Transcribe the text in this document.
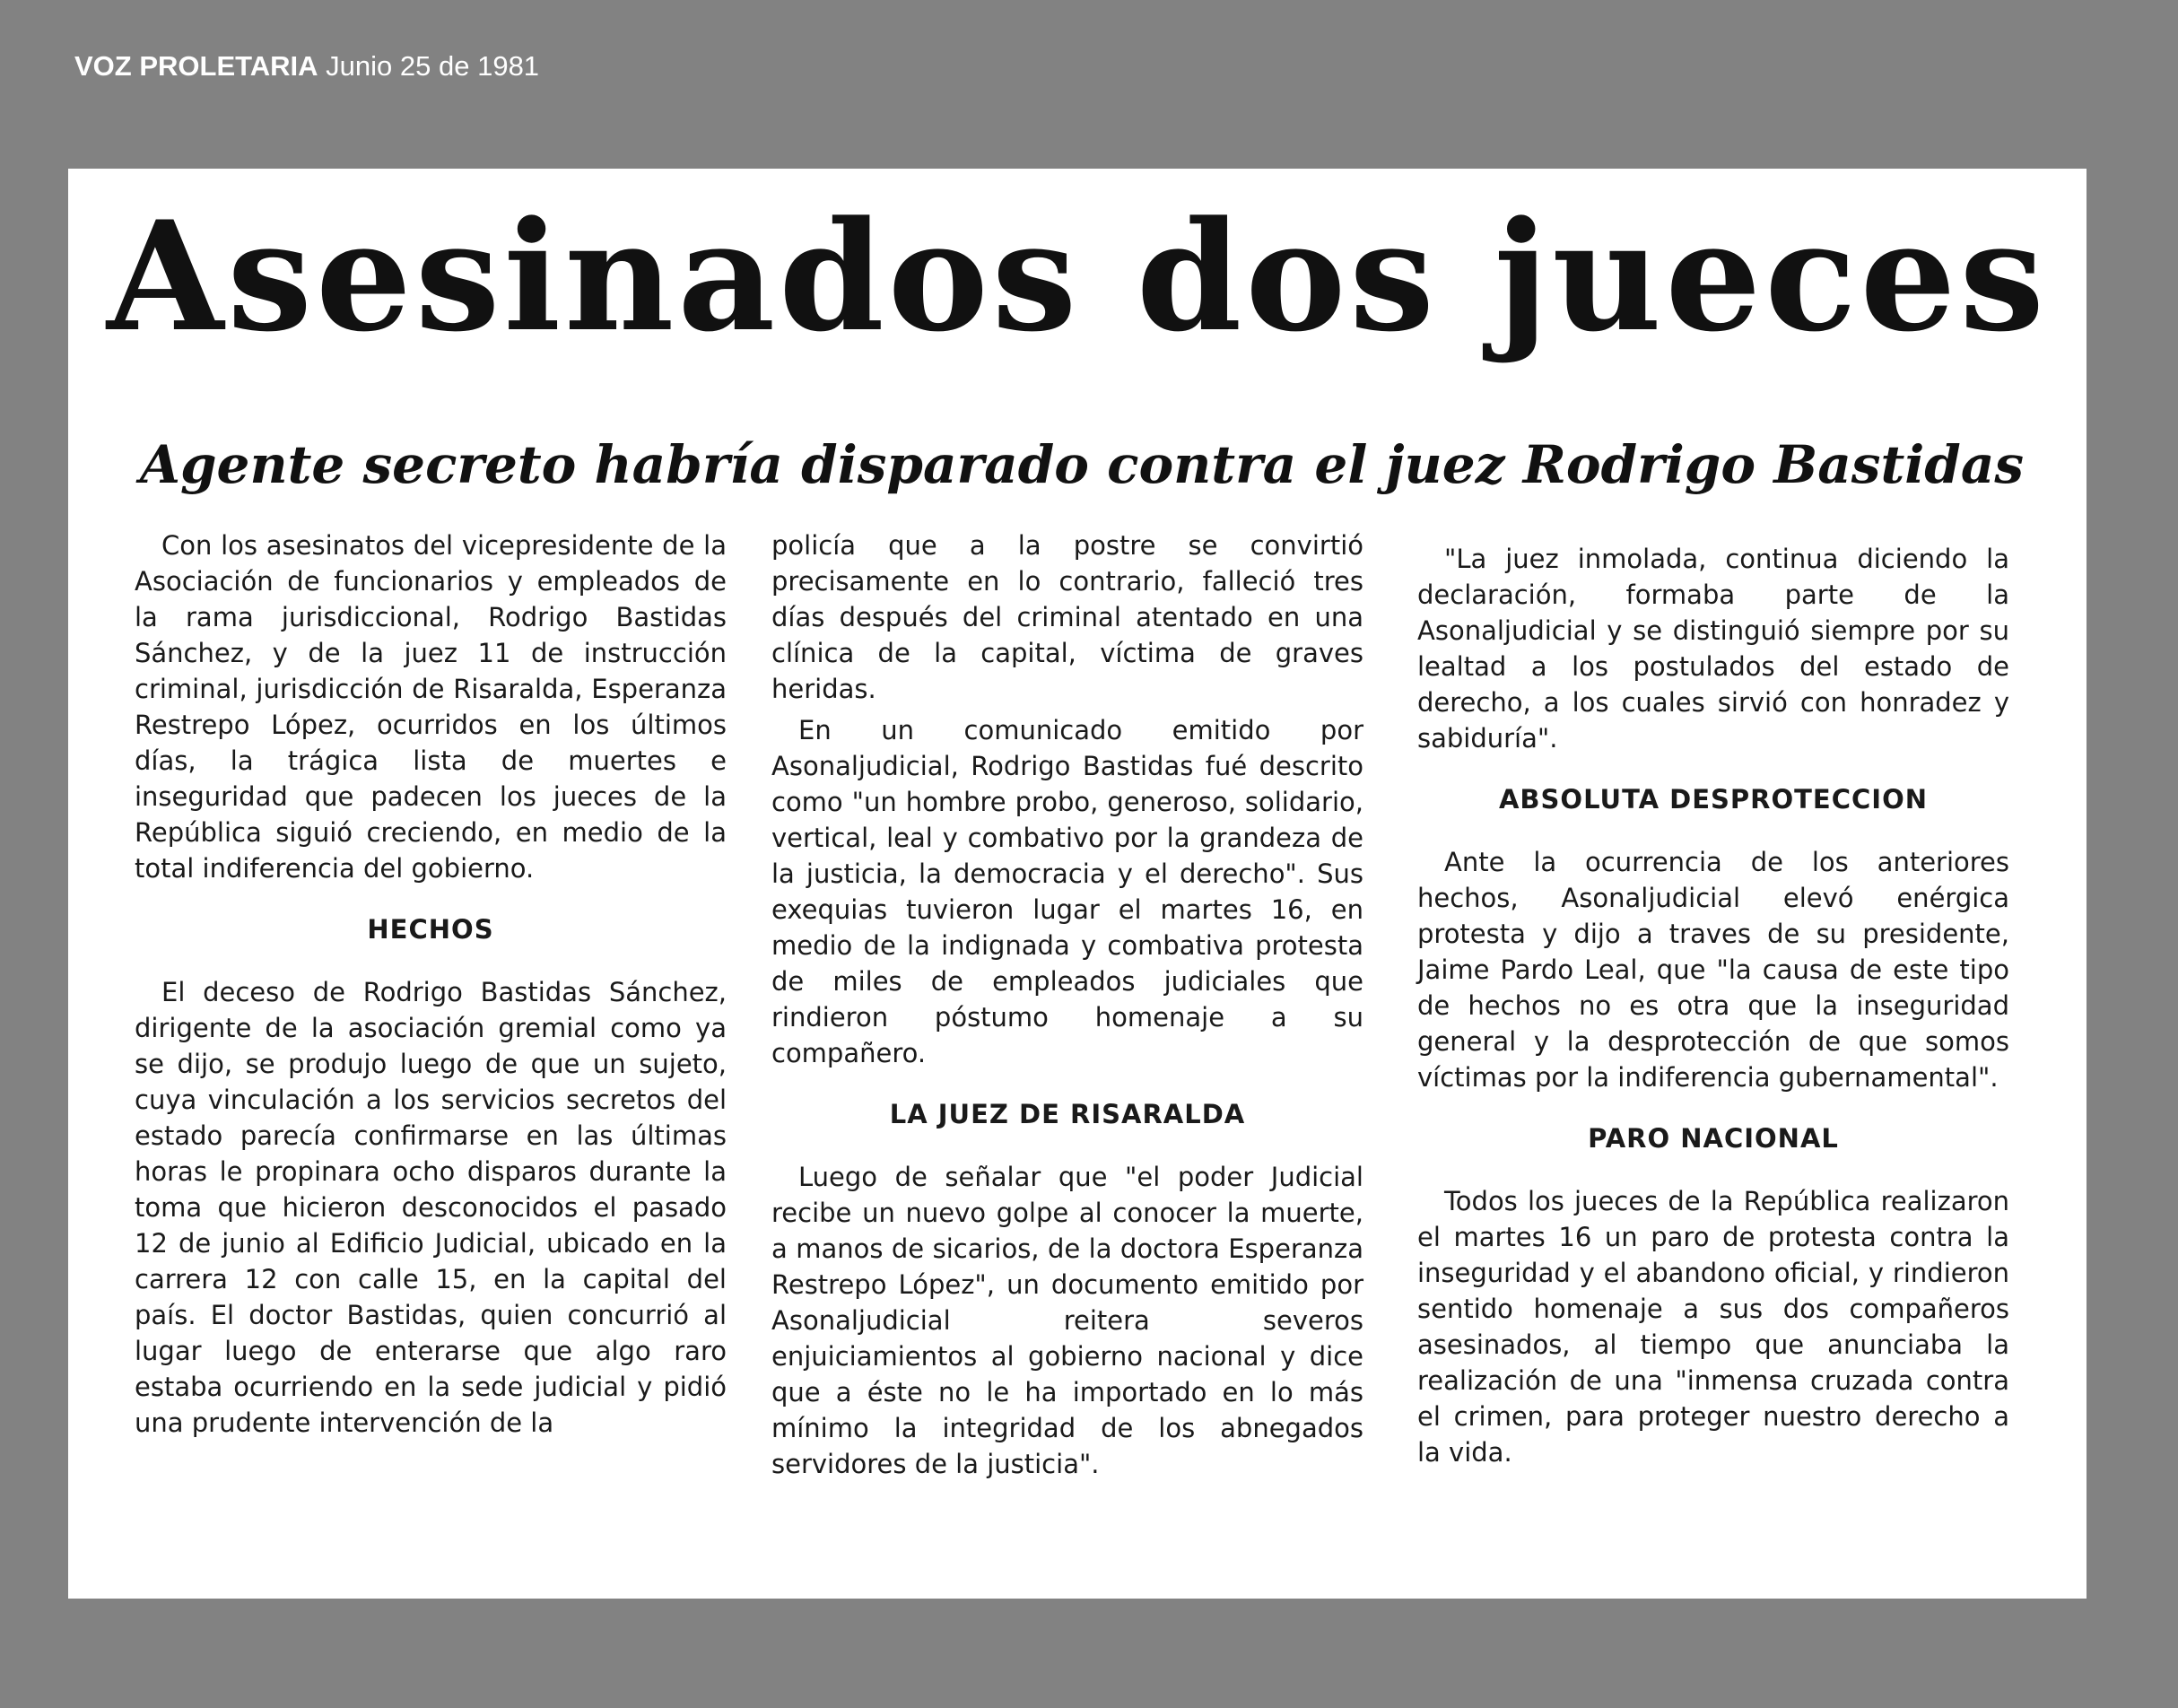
VOZ PROLETARIA Junio 25 de 1981
Asesinados dos jueces
Agente secreto habría disparado contra el juez Rodrigo Bastidas

Con los asesinatos del vicepresidente de la Asociación de funcionarios y empleados de la rama jurisdiccional, Rodrigo Bastidas Sánchez, y de la juez 11 de instrucción criminal, jurisdicción de Risaralda, Esperanza Restrepo López, ocurridos en los últimos días, la trágica lista de muertes e inseguridad que padecen los jueces de la República siguió creciendo, en medio de la total indiferencia del gobierno.

HECHOS

El deceso de Rodrigo Bastidas Sánchez, dirigente de la asociación gremial como ya se dijo, se produjo luego de que un sujeto, cuya vinculación a los servicios secretos del estado parecía confirmarse en las últimas horas le propinara ocho disparos durante la toma que hicieron desconocidos el pasado 12 de junio al Edificio Judicial, ubicado en la carrera 12 con calle 15, en la capital del país. El doctor Bastidas, quien concurrió al lugar luego de enterarse que algo raro estaba ocurriendo en la sede judicial y pidió una prudente intervención de la

policía que a la postre se convirtió precisamente en lo contrario, falleció tres días después del criminal atentado en una clínica de la capital, víctima de graves heridas.

En un comunicado emitido por Asonaljudicial, Rodrigo Bastidas fué descrito como "un hombre probo, generoso, solidario, vertical, leal y combativo por la grandeza de la justicia, la democracia y el derecho". Sus exequias tuvieron lugar el martes 16, en medio de la indignada y combativa protesta de miles de empleados judiciales que rindieron póstumo homenaje a su compañero.

LA JUEZ DE RISARALDA

Luego de señalar que "el poder Judicial recibe un nuevo golpe al conocer la muerte, a manos de sicarios, de la doctora Esperanza Restrepo López", un documento emitido por Asonaljudicial reitera severos enjuiciamientos al gobierno nacional y dice que a éste no le ha importado en lo más mínimo la integridad de los abnegados servidores de la justicia".

"La juez inmolada, continua diciendo la declaración, formaba parte de la Asonaljudicial y se distinguió siempre por su lealtad a los postulados del estado de derecho, a los cuales sirvió con honradez y sabiduría".

ABSOLUTA DESPROTECCION

Ante la ocurrencia de los anteriores hechos, Asonaljudicial elevó enérgica protesta y dijo a traves de su presidente, Jaime Pardo Leal, que "la causa de este tipo de hechos no es otra que la inseguridad general y la desprotección de que somos víctimas por la indiferencia gubernamental".

PARO NACIONAL

Todos los jueces de la República realizaron el martes 16 un paro de protesta contra la inseguridad y el abandono oficial, y rindieron sentido homenaje a sus dos compañeros asesinados, al tiempo que anunciaba la realización de una "inmensa cruzada contra el crimen, para proteger nuestro derecho a la vida.
